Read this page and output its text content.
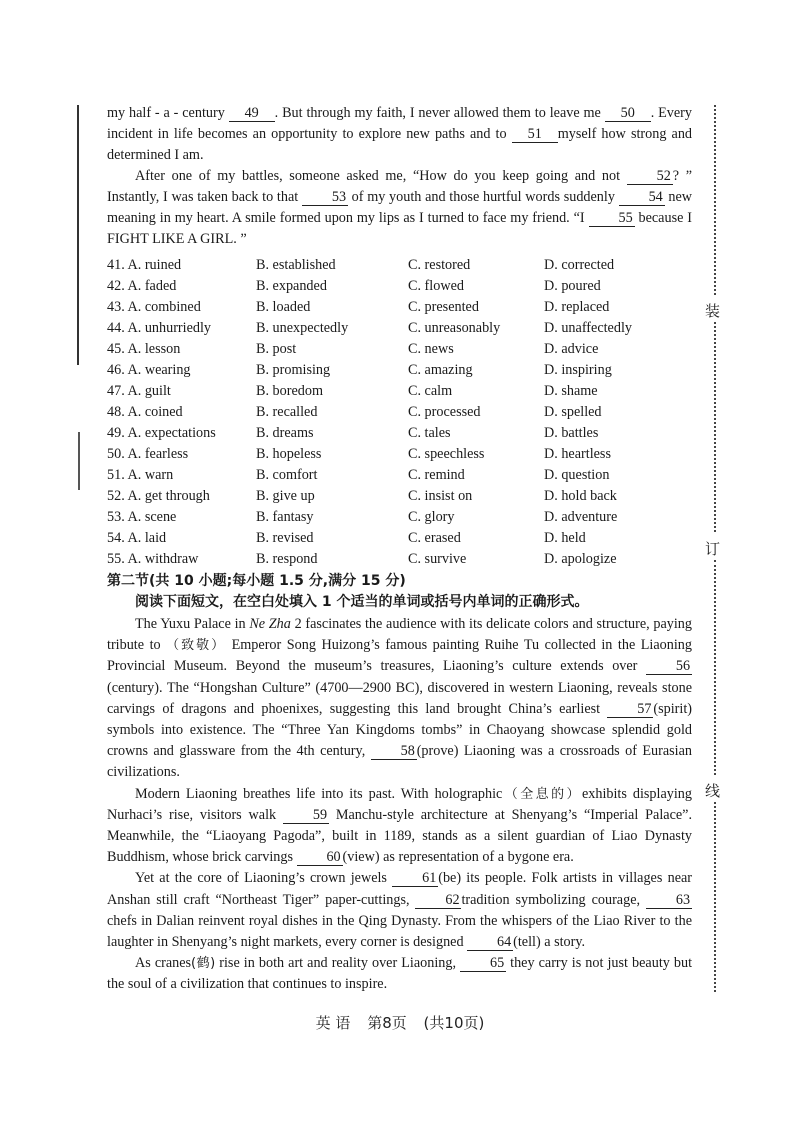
装
订
线

my half - a - century 49 . But through my faith, I never allowed them to leave me 50 . Every incident in life becomes an opportunity to explore new paths and to 51 myself how strong and determined I am.

After one of my battles, someone asked me, “How do you keep going and not	52 ? ” Instantly, I was taken back to that 53 of my youth and those hurtful words suddenly 54 new meaning in my heart. A smile formed upon my lips as I turned to face my friend. “I 55 because I FIGHT LIKE A GIRL. ”

41. A. ruined	B. established	C. restored	D. corrected
42. A. faded	B. expanded	C. flowed	D. poured
43. A. combined	B. loaded	C. presented	D. replaced
44. A. unhurriedly	B. unexpectedly	C. unreasonably	D. unaffectedly
45. A. lesson	B. post	C. news	D. advice
46. A. wearing	B. promising	C. amazing	D. inspiring
47. A. guilt	B. boredom	C. calm	D. shame
48. A. coined	B. recalled	C. processed	D. spelled
49. A. expectations	B. dreams	C. tales	D. battles
50. A. fearless	B. hopeless	C. speechless	D. heartless
51. A. warn	B. comfort	C. remind	D. question
52. A. get through	B. give up	C. insist on	D. hold back
53. A. scene	B. fantasy	C. glory	D. adventure
54. A. laid	B. revised	C. erased	D. held
55. A. withdraw	B. respond	C. survive	D. apologize

第二节(共 10 小题;每小题 1.5 分,满分 15 分)

阅读下面短文，在空白处填入 1 个适当的单词或括号内单词的正确形式。

The Yuxu Palace in Ne Zha 2 fascinates the audience with its delicate colors and structure, paying tribute to （致敬） Emperor Song Huizong’s famous painting Ruihe Tu collected in the Liaoning Provincial Museum. Beyond the museum’s treasures, Liaoning’s culture extends over	56(century). The “Hongshan Culture” (4700—2900 BC), discovered in western Liaoning, reveals stone carvings of dragons and phoenixes, suggesting this land brought China’s earliest	57 (spirit) symbols into existence. The “Three Yan Kingdoms tombs” in Chaoyang showcase splendid gold crowns and glassware from the 4th century, 58 (prove) Liaoning was a crossroads of Eurasian civilizations.

Modern Liaoning breathes life into its past. With holographic（全息的）exhibits displaying Nurhaci’s rise, visitors walk	59 Manchu-style architecture at Shenyang’s “Imperial Palace”. Meanwhile, the “Liaoyang Pagoda”, built in 1189, stands as a silent guardian of Liao Dynasty Buddhism, whose brick carvings 60 (view) as representation of a bygone era.

Yet at the core of Liaoning’s crown jewels 61 (be) its people. Folk artists in villages near Anshan still craft “Northeast Tiger” paper-cuttings,	62 tradition symbolizing courage,	63 chefs in Dalian reinvent royal dishes in the Qing Dynasty. From the whispers of the Liao River to the laughter in Shenyang’s night markets, every corner is designed 64 (tell) a story.

As cranes(鹤) rise in both art and reality over Liaoning, 65 they carry is not just beauty but the soul of a civilization that continues to inspire.

英 语 第8页 (共10页)
